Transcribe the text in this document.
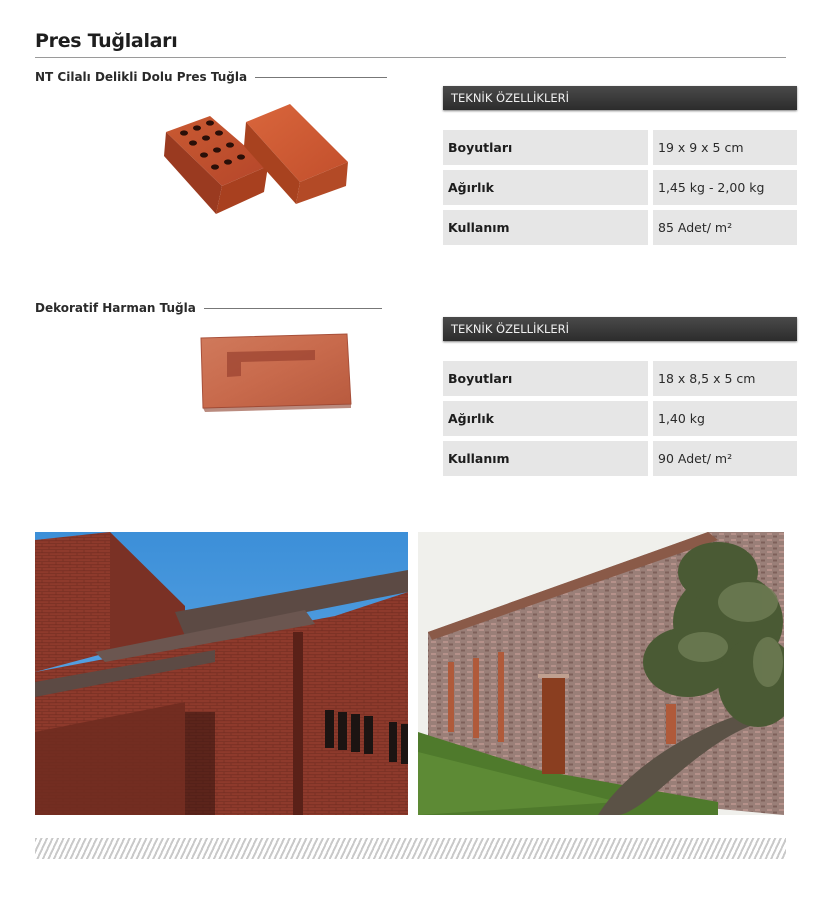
Pres Tuğlaları
NT Cilalı Delikli Dolu Pres Tuğla
TEKNİK ÖZELLİKLERİ
Boyutları	19 x 9 x 5 cm
Ağırlık	1,45 kg - 2,00 kg
Kullanım	85 Adet/ m²
Dekoratif Harman Tuğla
TEKNİK ÖZELLİKLERİ
Boyutları	18 x 8,5 x 5 cm
Ağırlık	1,40 kg
Kullanım	90 Adet/ m²
